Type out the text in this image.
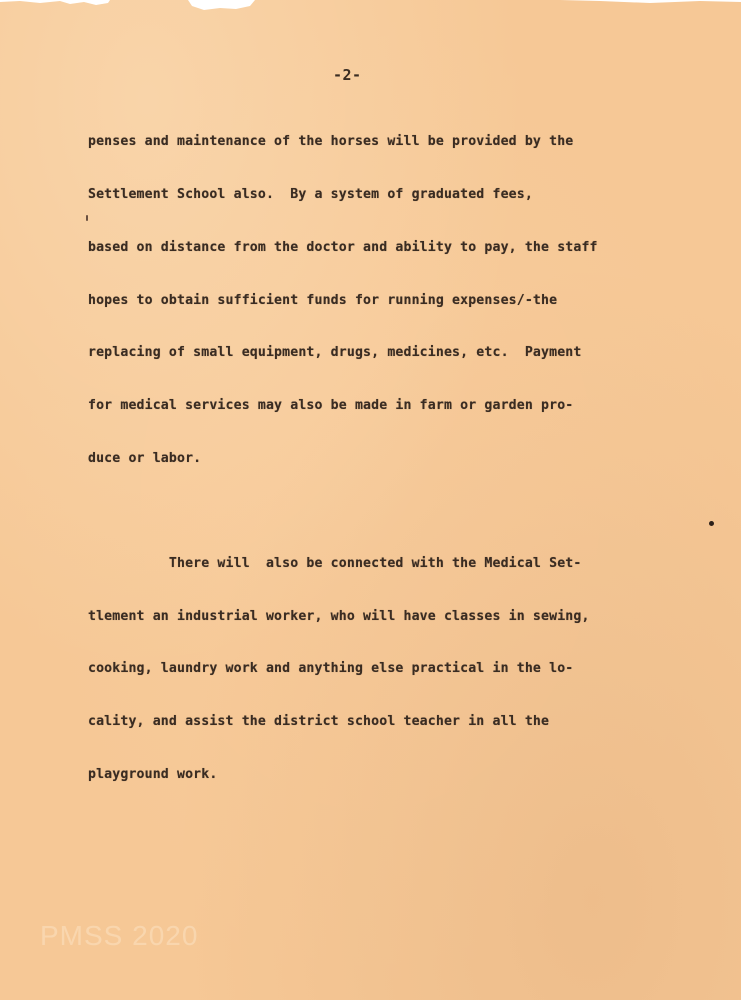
-2-

penses and maintenance of the horses will be provided by the

Settlement School also.  By a system of graduated fees,

based on distance from the doctor and ability to pay, the staff

hopes to obtain sufficient funds for running expenses/-the

replacing of small equipment, drugs, medicines, etc.  Payment

for medical services may also be made in farm or garden pro-

duce or labor.

There will  also be connected with the Medical Set-

tlement an industrial worker, who will have classes in sewing,

cooking, laundry work and anything else practical in the lo-

cality, and assist the district school teacher in all the

playground work.

PMSS 2020
